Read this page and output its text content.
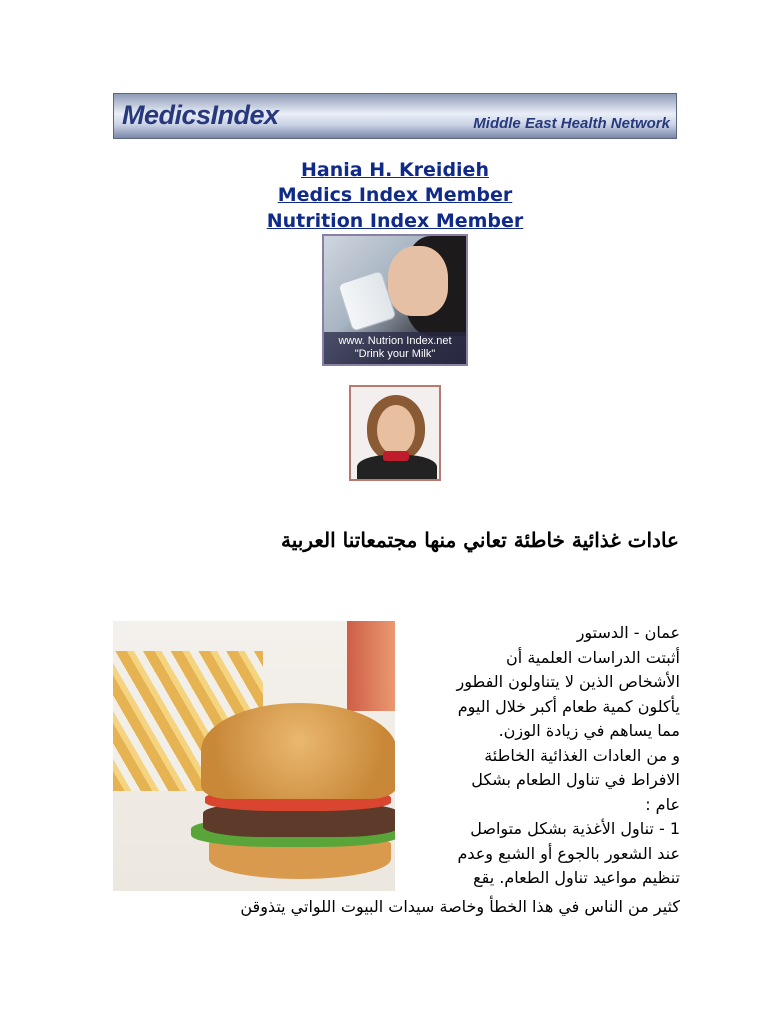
MedicsIndex	Middle East Health Network
Hania H. Kreidieh
Medics Index Member
Nutrition Index Member
www. Nutrion Index.net
"Drink your Milk"
عادات غذائية خاطئة تعاني منها مجتمعاتنا العربية
عمان - الدستور
أثبتت الدراسات العلمية أن
الأشخاص الذين لا يتناولون الفطور
يأكلون كمية طعام أكبر خلال اليوم
مما يساهم في زيادة الوزن.
و من العادات الغذائية الخاطئة
الافراط في تناول الطعام بشكل
عام :
1 - تناول الأغذية بشكل متواصل
عند الشعور بالجوع أو الشبع وعدم
تنظيم مواعيد تناول الطعام. يقع
كثير من الناس في هذا الخطأ وخاصة سيدات البيوت اللواتي يتذوقن
